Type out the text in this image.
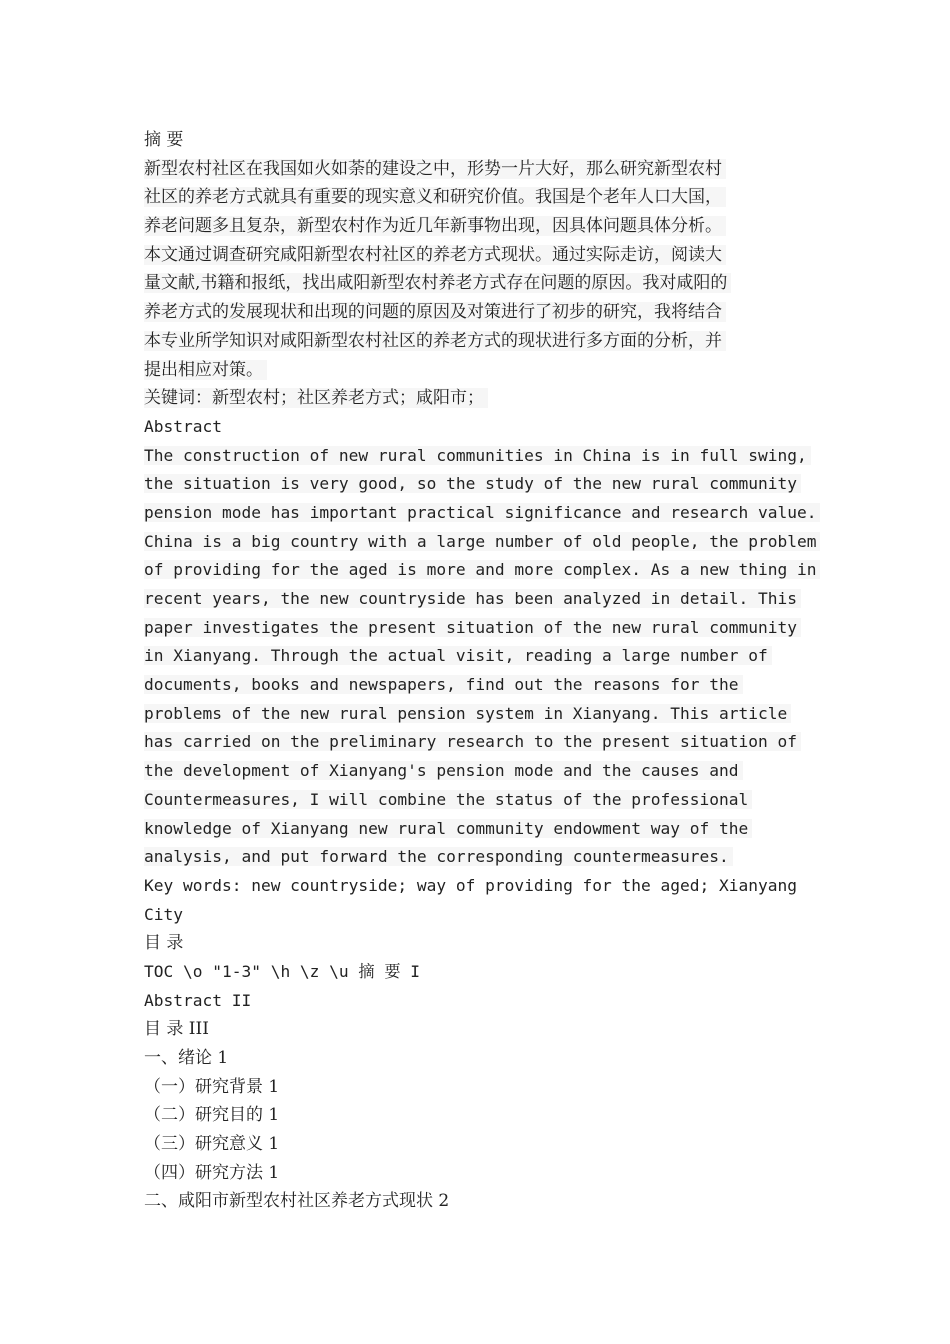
摘 要
新型农村社区在我国如火如荼的建设之中，形势一片大好，那么研究新型农村
社区的养老方式就具有重要的现实意义和研究价值。我国是个老年人口大国，
养老问题多且复杂，新型农村作为近几年新事物出现，因具体问题具体分析。
本文通过调查研究咸阳新型农村社区的养老方式现状。通过实际走访，阅读大
量文献,书籍和报纸，找出咸阳新型农村养老方式存在问题的原因。我对咸阳的
养老方式的发展现状和出现的问题的原因及对策进行了初步的研究，我将结合
本专业所学知识对咸阳新型农村社区的养老方式的现状进行多方面的分析，并
提出相应对策。
关键词：新型农村；社区养老方式；咸阳市；
Abstract
The construction of new rural communities in China is in full swing,
the situation is very good, so the study of the new rural community
pension mode has important practical significance and research value.
China is a big country with a large number of old people, the problem
of providing for the aged is more and more complex. As a new thing in
recent years, the new countryside has been analyzed in detail. This
paper investigates the present situation of the new rural community
in Xianyang. Through the actual visit, reading a large number of
documents, books and newspapers, find out the reasons for the
problems of the new rural pension system in Xianyang. This article
has carried on the preliminary research to the present situation of
the development of Xianyang's pension mode and the causes and
Countermeasures, I will combine the status of the professional
knowledge of Xianyang new rural community endowment way of the
analysis, and put forward the corresponding countermeasures.
Key words: new countryside; way of providing for the aged; Xianyang
City
目 录
TOC \o "1-3" \h \z \u 摘 要 I
Abstract II
目 录 III
一、绪论 1
（一）研究背景 1
（二）研究目的 1
（三）研究意义 1
（四）研究方法 1
二、咸阳市新型农村社区养老方式现状 2
